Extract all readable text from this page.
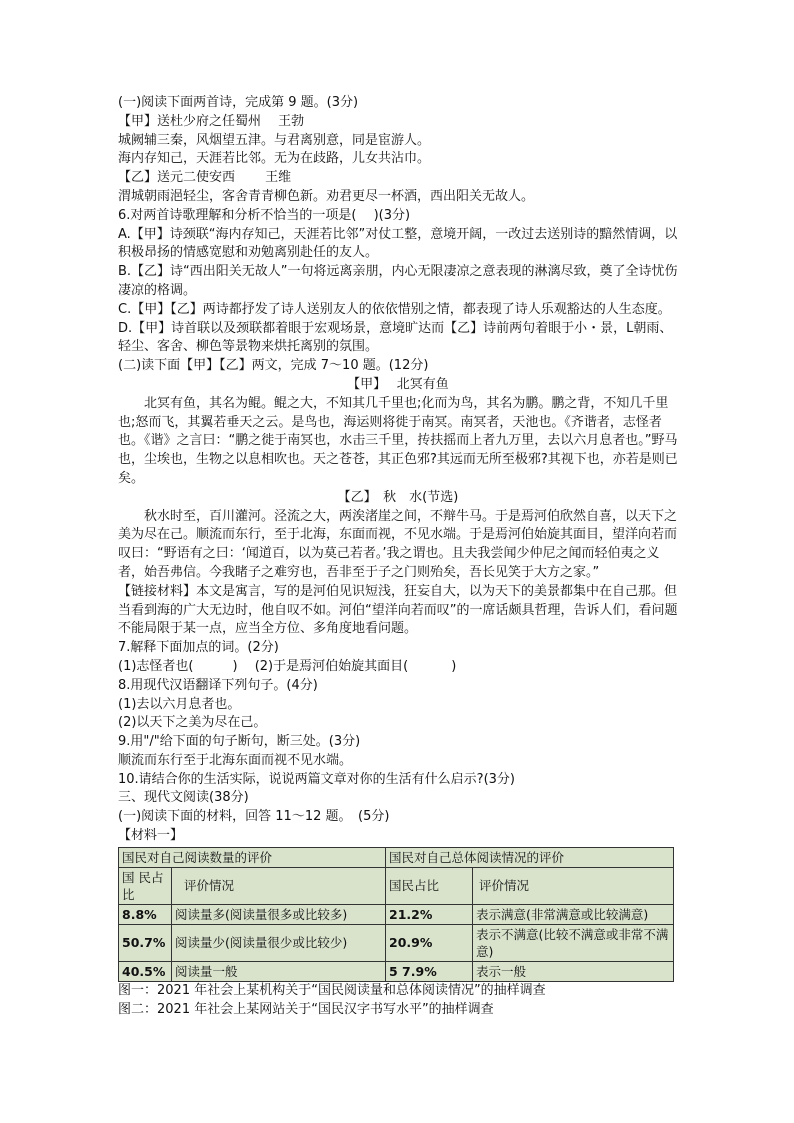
(一)阅读下面两首诗，完成第 9 题。(3分)

【甲】送杜少府之任蜀州　 王勃

城阙辅三秦，风烟望五津。与君离别意，同是宦游人。

海内存知己，天涯若比邻。无为在歧路，儿女共沾巾。

【乙】送元二使安西　　 王维

渭城朝雨浥轻尘，客舍青青柳色新。劝君更尽一杯酒，西出阳关无故人。

6.对两首诗歌理解和分析不恰当的一项是(　 )(3分)

A.【甲】诗颈联“海内存知己，天涯若比邻”对仗工整，意境开阔，一改过去送别诗的黯然情调，以积极昂扬的情感宽慰和劝勉离别赴任的友人。

B.【乙】诗“西出阳关无故人”一句将远离亲朋，内心无限凄凉之意表现的淋漓尽致，奠了全诗忧伤凄凉的格调。

C.【甲】【乙】两诗都抒发了诗人送别友人的依依惜别之情，都表现了诗人乐观豁达的人生态度。

D.【甲】诗首联以及颈联都着眼于宏观场景，意境旷达而【乙】诗前两句着眼于小・景，L朝雨、轻尘、客舍、柳色等景物来烘托离别的氛围。

(二)读下面【甲】【乙】两文，完成 7～10 题。(12分)

【甲】　 北冥有鱼

北冥有鱼，其名为鲲。鲲之大，不知其几千里也;化而为鸟，其名为鹏。鹏之背，不知几千里也;怒而飞，其翼若垂天之云。是鸟也，海运则将徙于南冥。南冥者，天池也。《齐谐者，志怪者也。《谐》之言曰：“鹏之徙于南冥也，水击三千里，抟扶摇而上者九万里，去以六月息者也。”野马也，尘埃也，生物之以息相吹也。天之苍苍，其正色邪?其远而无所至极邪?其视下也，亦若是则已矣。

【乙】　秋　水(节选)

秋水时至，百川灌河。泾流之大，两涘渚崖之间，不辩牛马。于是焉河伯欣然自喜，以天下之美为尽在己。顺流而东行，至于北海，东面而视，不见水端。于是焉河伯始旋其面目，望洋向若而叹曰：“野语有之曰：‘闻道百，以为莫己若者。’我之谓也。且夫我尝闻少仲尼之闻而轻伯夷之义者，始吾弗信。今我睹子之难穷也，吾非至于子之门则殆矣，吾长见笑于大方之家。”

【链接材料】本文是寓言，写的是河伯见识短浅，狂妄自大，以为天下的美景都集中在自己那。但当看到海的广大无边时，他自叹不如。河伯“望洋向若而叹”的一席话颇具哲理，告诉人们，看问题不能局限于某一点，应当全方位、多角度地看问题。

7.解释下面加点的词。(2分)

(1)志怪者也(　　　)　 (2)于是焉河伯始旋其面目(　　　 )

8.用现代汉语翻译下列句子。(4分)

(1)去以六月息者也。

(2)以天下之美为尽在己。

9.用"/"给下面的句子断句，断三处。(3分)

顺流而东行至于北海东面而视不见水端。

10.请结合你的生活实际，说说两篇文章对你的生活有什么启示?(3分)

三、现代文阅读(38分)

(一)阅读下面的材料，回答 11～12 题。　(5分)

【材料一】

国民对自己阅读数量的评价		国民对自己总体阅读情况的评价	
国 民占比	评价情况	国民占比	评价情况
8.8%	阅读量多(阅读量很多或比较多)	21.2%	表示满意(非常满意或比较满意)
50.7%	阅读量少(阅读量很少或比较少)	20.9%	表示不满意(比较不满意或非常不满意)
40.5%	阅读量一般	5 7.9%	表示一般

图一：2021 年社会上某机构关于“国民阅读量和总体阅读情况”的抽样调查

图二：2021 年社会上某网站关于“国民汉字书写水平”的抽样调查
